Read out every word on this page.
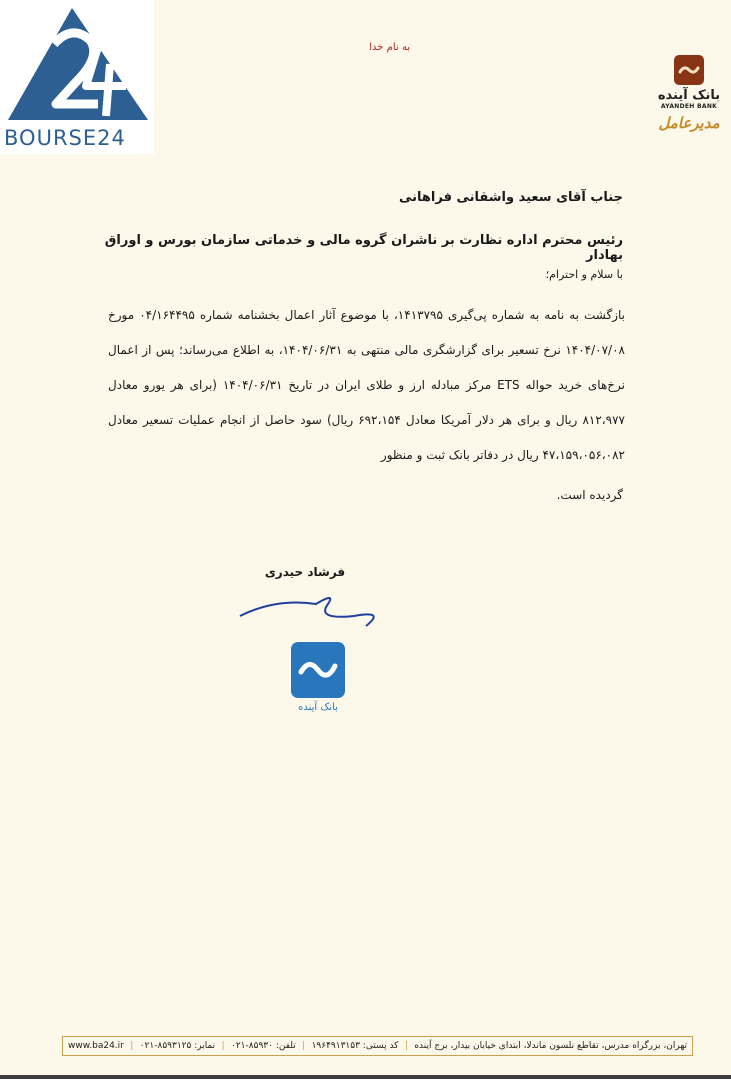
BOURSE24
به نام خدا
بانک آینده
AYANDEH BANK
مدیرعامل
جناب آقای سعید واشقانی فراهانی
رئیس محترم اداره نظارت بر ناشران گروه مالی و خدماتی سازمان بورس و اوراق بهادار
با سلام و احترام؛
بازگشت به نامه به شماره پی‌گیری ۱۴۱۳۷۹۵، با موضوع آثار اعمال بخشنامه شماره ۰۴/۱۶۴۴۹۵ مورخ ۱۴۰۴/۰۷/۰۸ نرخ تسعیر برای گزارشگری مالی منتهی به ۱۴۰۴/۰۶/۳۱، به اطلاع می‌رساند؛ پس از اعمال نرخ‌های خرید حواله ETS مرکز مبادله ارز و طلای ایران در تاریخ ۱۴۰۴/۰۶/۳۱ (برای هر یورو معادل ۸۱۲،۹۷۷ ریال و برای هر دلار آمریکا معادل ۶۹۲،۱۵۴ ریال) سود حاصل از انجام عملیات تسعیر معادل ۴۷،۱۵۹،۰۵۶،۰۸۲ ریال در دفاتر بانک ثبت و منظور
گردیده است.
فرشاد حیدری
بانک آینده
www.ba24.ir | نمابر: ۸۵۹۳۱۲۵-۰۲۱ | تلفن: ۸۵۹۳۰-۰۲۱ | کد پستی: ۱۹۶۴۹۱۳۱۵۳ | تهران، بزرگراه مدرس، تقاطع نلسون ماندلا، ابتدای خیابان بیدار، برج آینده
